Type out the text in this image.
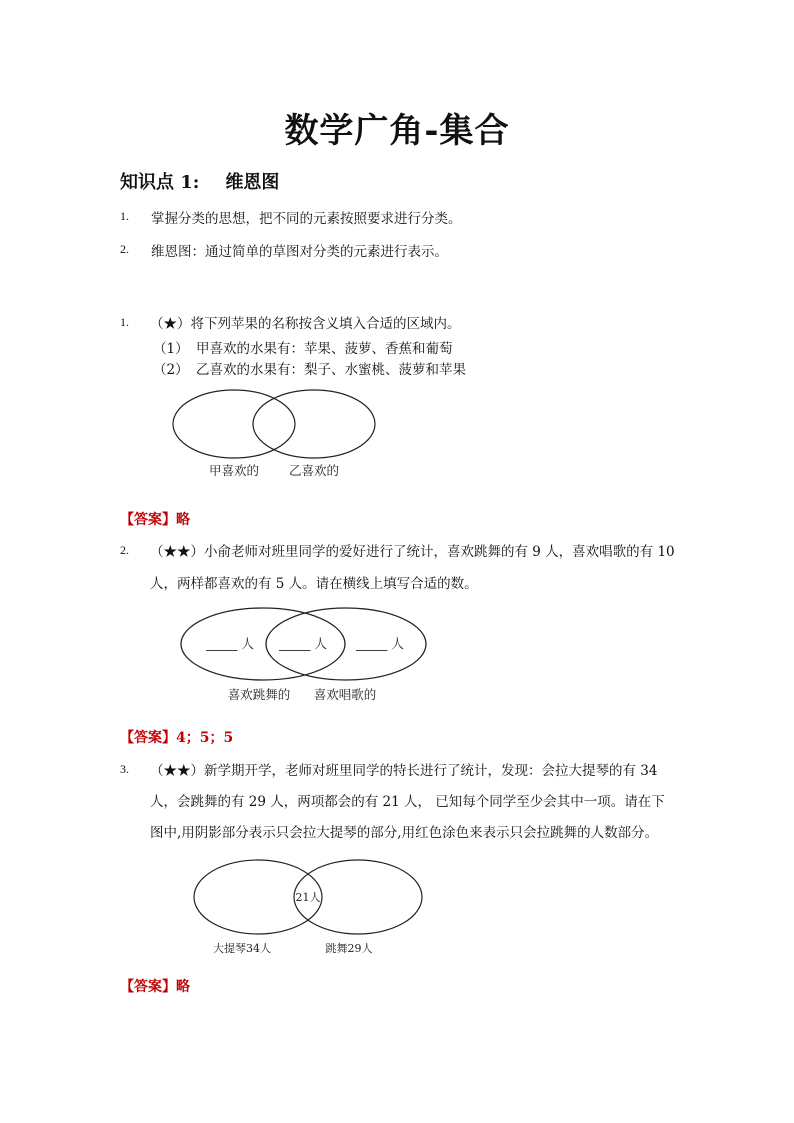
数学广角-集合
知识点 1: 维恩图
1. 掌握分类的思想，把不同的元素按照要求进行分类。
2. 维恩图：通过简单的草图对分类的元素进行表示。
1. （★）将下列苹果的名称按含义填入合适的区域内。
（1） 甲喜欢的水果有：苹果、菠萝、香蕉和葡萄
（2） 乙喜欢的水果有：梨子、水蜜桃、菠萝和苹果
甲喜欢的 乙喜欢的
【答案】略
2. （★★）小俞老师对班里同学的爱好进行了统计，喜欢跳舞的有 9 人，喜欢唱歌的有 10
人，两样都喜欢的有 5 人。请在横线上填写合适的数。
_____ 人 _____ 人 _____ 人
喜欢跳舞的 喜欢唱歌的
【答案】4；5；5
3. （★★）新学期开学，老师对班里同学的特长进行了统计，发现：会拉大提琴的有 34
人，会跳舞的有 29 人，两项都会的有 21 人， 已知每个同学至少会其中一项。请在下
图中,用阴影部分表示只会拉大提琴的部分,用红色涂色来表示只会拉跳舞的人数部分。
21人
大提琴34人	跳舞29人
【答案】略
